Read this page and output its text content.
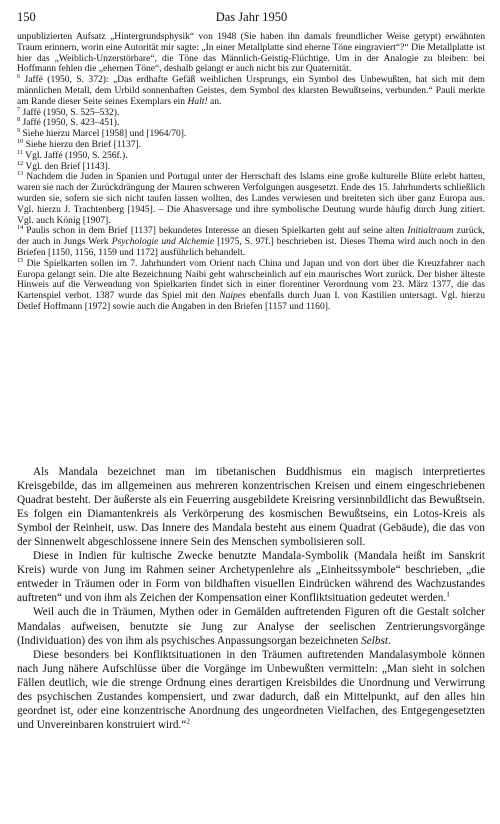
150	Das Jahr 1950

unpublizierten Aufsatz „Hintergrundsphysik“ von 1948 (Sie haben ihn damals freundlicher Weise getypt) erwähnten Traum erinnern, worin eine Autorität mir sagte: „In einer Metallplatte sind eherne Töne eingraviert“?“ Die Metallplatte ist hier das „Weiblich-Unzerstörbare“, die Töne das Männlich-Geistig-Flüchtige. Um in der Analogie zu bleiben: bei Hoffmann fehlen die „ehernen Töne“, deshalb gelangt er auch nicht bis zur Quaternität.

$^6$ Jaffé (1950, S. 372): „Das erdhafte Gefäß weiblichen Ursprungs, ein Symbol des Unbewußten, hat sich mit dem männlichen Metall, dem Urbild sonnenhaften Geistes, dem Symbol des klarsten Bewußtseins, verbunden.“ Pauli merkte am Rande dieser Seite seines Exemplars ein Halt! an.

$^7$ Jaffé (1950, S. 525–532).

$^8$ Jaffé (1950, S. 423–451).

$^9$ Siehe hierzu Marcel [1958] und [1964/70].

$^{10}$ Siehe hierzu den Brief [1137].

$^{11}$ Vgl. Jaffé (1950, S. 256f.).

$^{12}$ Vgl. den Brief [1143].

$^{13}$ Nachdem die Juden in Spanien und Portugal unter der Herrschaft des Islams eine große kulturelle Blüte erlebt hatten, waren sie nach der Zurückdrängung der Mauren schweren Verfolgungen ausgesetzt. Ende des 15. Jahrhunderts schließlich wurden sie, sofern sie sich nicht taufen lassen wollten, des Landes verwiesen und breiteten sich über ganz Europa aus. Vgl. hierzu J. Trachtenberg [1945]. – Die Ahasversage und ihre symbolische Deutung wurde häufig durch Jung zitiert. Vgl. auch König [1907].

$^{14}$ Paulis schon in dem Brief [1137] bekundetes Interesse an diesen Spielkarten geht auf seine alten Initialtraum zurück, der auch in Jungs Werk Psychologie und Alchemie [1975, S. 97f.] beschrieben ist. Dieses Thema wird auch noch in den Briefen [1150, 1156, 1159 und 1172] ausführlich behandelt.

$^{15}$ Die Spielkarten sollen im 7. Jahrhundert vom Orient nach China und Japan und von dort über die Kreuzfahrer nach Europa gelangt sein. Die alte Bezeichnung Naibi geht wahrscheinlich auf ein maurisches Wort zurück. Der bisher älteste Hinweis auf die Verwendung von Spielkarten findet sich in einer florentiner Verordnung vom 23. März 1377, die das Kartenspiel verbot. 1387 wurde das Spiel mit den Naipes ebenfalls durch Juan I. von Kastilien untersagt. Vgl. hierzu Detlef Hoffmann [1972] sowie auch die Angaben in den Briefen [1157 und 1160].

Als Mandala bezeichnet man im tibetanischen Buddhismus ein magisch interpretiertes Kreisgebilde, das im allgemeinen aus mehreren konzentrischen Kreisen und einem eingeschriebenen Quadrat besteht. Der äußerste als ein Feuerring ausgebildete Kreisring versinnbildlicht das Bewußtsein. Es folgen ein Diamantenkreis als Verkörperung des kosmischen Bewußtseins, ein Lotos-Kreis als Symbol der Reinheit, usw. Das Innere des Mandala besteht aus einem Quadrat (Gebäude), die das von der Sinnenwelt abgeschlossene innere Sein des Menschen symbolisieren soll.

Diese in Indien für kultische Zwecke benutzte Mandala-Symbolik (Mandala heißt im Sanskrit Kreis) wurde von Jung im Rahmen seiner Archetypenlehre als „Einheitssymbole“ beschrieben, „die entweder in Träumen oder in Form von bildhaften visuellen Eindrücken während des Wachzustandes auftreten“ und von ihm als Zeichen der Kompensation einer Konfliktsituation gedeutet werden.$^1$

Weil auch die in Träumen, Mythen oder in Gemälden auftretenden Figuren oft die Gestalt solcher Mandalas aufweisen, benutzte sie Jung zur Analyse der seelischen Zentrierungsvorgänge (Individuation) des von ihm als psychisches Anpassungsorgan bezeichneten Selbst.

Diese besonders bei Konfliktsituationen in den Träumen auftretenden Mandalasymbole können nach Jung nähere Aufschlüsse über die Vorgänge im Unbewußten vermitteln: „Man sieht in solchen Fällen deutlich, wie die strenge Ordnung eines derartigen Kreisbildes die Unordnung und Verwirrung des psychischen Zustandes kompensiert, und zwar dadurch, daß ein Mittelpunkt, auf den alles hin geordnet ist, oder eine konzentrische Anordnung des ungeordneten Vielfachen, des Entgegengesetzten und Unvereinbaren konstruiert wird.“$^2$
